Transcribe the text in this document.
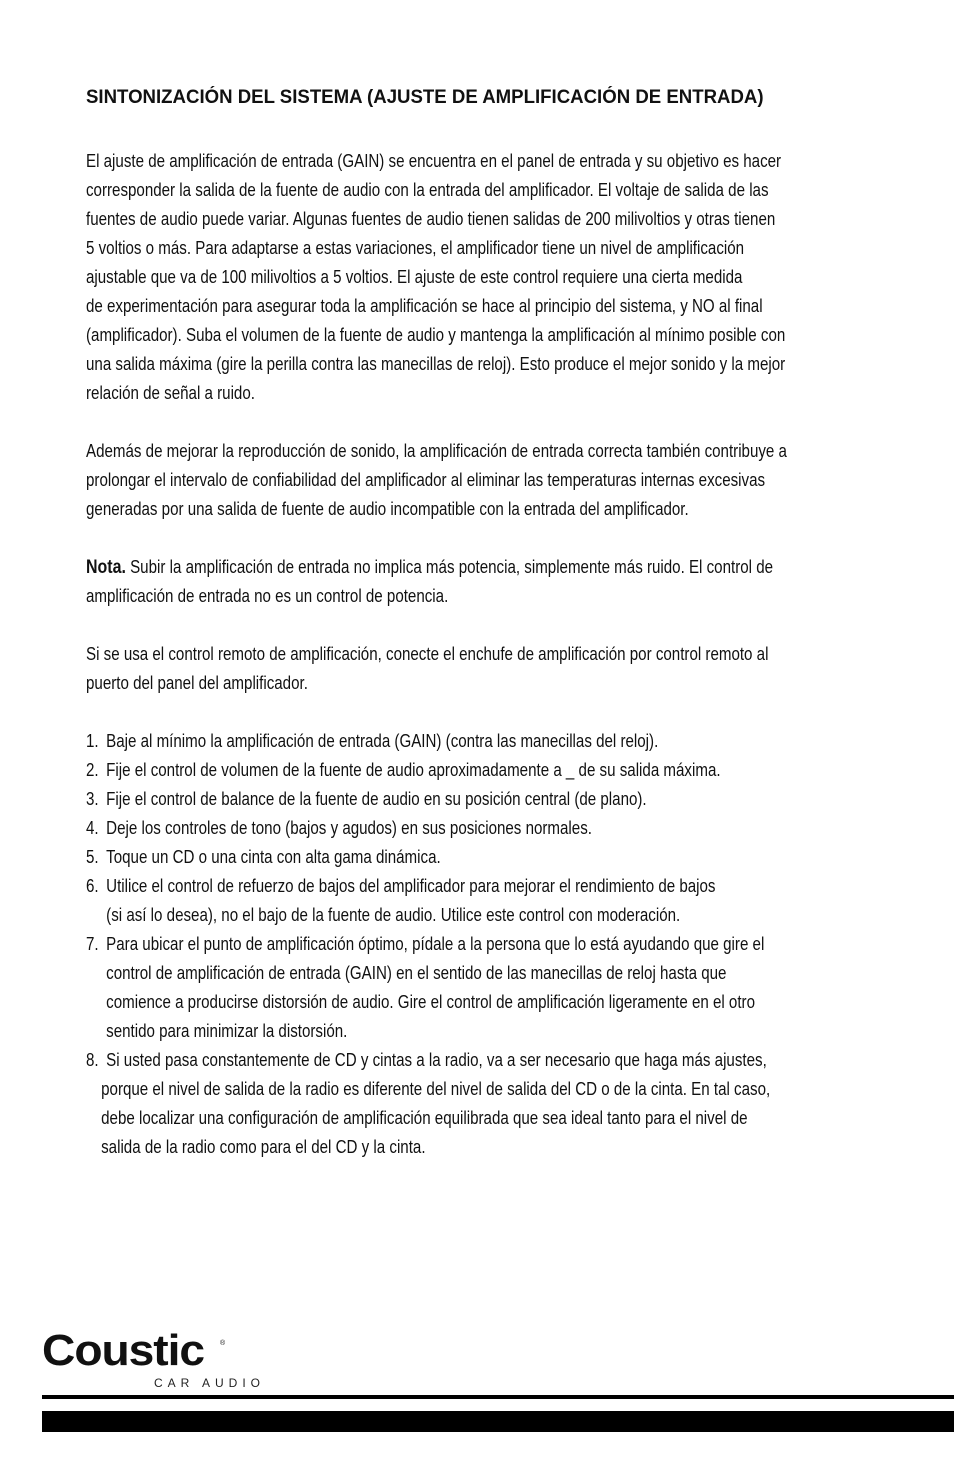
SINTONIZACIÓN DEL SISTEMA (AJUSTE DE AMPLIFICACIÓN DE ENTRADA)

El ajuste de amplificación de entrada (GAIN) se encuentra en el panel de entrada y su objetivo es hacer

corresponder la salida de la fuente de audio con la entrada del amplificador. El voltaje de salida de las

fuentes de audio puede variar. Algunas fuentes de audio tienen salidas de 200 milivoltios y otras tienen

5 voltios o más. Para adaptarse a estas variaciones, el amplificador tiene un nivel de amplificación

ajustable que va de 100 milivoltios a 5 voltios. El ajuste de este control requiere una cierta medida

de experimentación para asegurar toda la amplificación se hace al principio del sistema, y NO al final

(amplificador). Suba el volumen de la fuente de audio y mantenga la amplificación al mínimo posible con

una salida máxima (gire la perilla contra las manecillas de reloj). Esto produce el mejor sonido y la mejor

relación de señal a ruido.

Además de mejorar la reproducción de sonido, la amplificación de entrada correcta también contribuye a

prolongar el intervalo de confiabilidad del amplificador al eliminar las temperaturas internas excesivas

generadas por una salida de fuente de audio incompatible con la entrada del amplificador.

Nota. Subir la amplificación de entrada no implica más potencia, simplemente más ruido. El control de

amplificación de entrada no es un control de potencia.

Si se usa el control remoto de amplificación, conecte el enchufe de amplificación por control remoto al

puerto del panel del amplificador.

1. Baje al mínimo la amplificación de entrada (GAIN) (contra las manecillas del reloj).
2. Fije el control de volumen de la fuente de audio aproximadamente a _ de su salida máxima.
3. Fije el control de balance de la fuente de audio en su posición central (de plano).
4. Deje los controles de tono (bajos y agudos) en sus posiciones normales.
5. Toque un CD o una cinta con alta gama dinámica.
6. Utilice el control de refuerzo de bajos del amplificador para mejorar el rendimiento de bajos
(si así lo desea), no el bajo de la fuente de audio. Utilice este control con moderación.
7. Para ubicar el punto de amplificación óptimo, pídale a la persona que lo está ayudando que gire el
control de amplificación de entrada (GAIN) en el sentido de las manecillas de reloj hasta que
comience a producirse distorsión de audio. Gire el control de amplificación ligeramente en el otro
sentido para minimizar la distorsión.
8. Si usted pasa constantemente de CD y cintas a la radio, va a ser necesario que haga más ajustes,
porque el nivel de salida de la radio es diferente del nivel de salida del CD o de la cinta. En tal caso,
debe localizar una configuración de amplificación equilibrada que sea ideal tanto para el nivel de
salida de la radio como para el del CD y la cinta.
Coustic ®
CAR AUDIO
